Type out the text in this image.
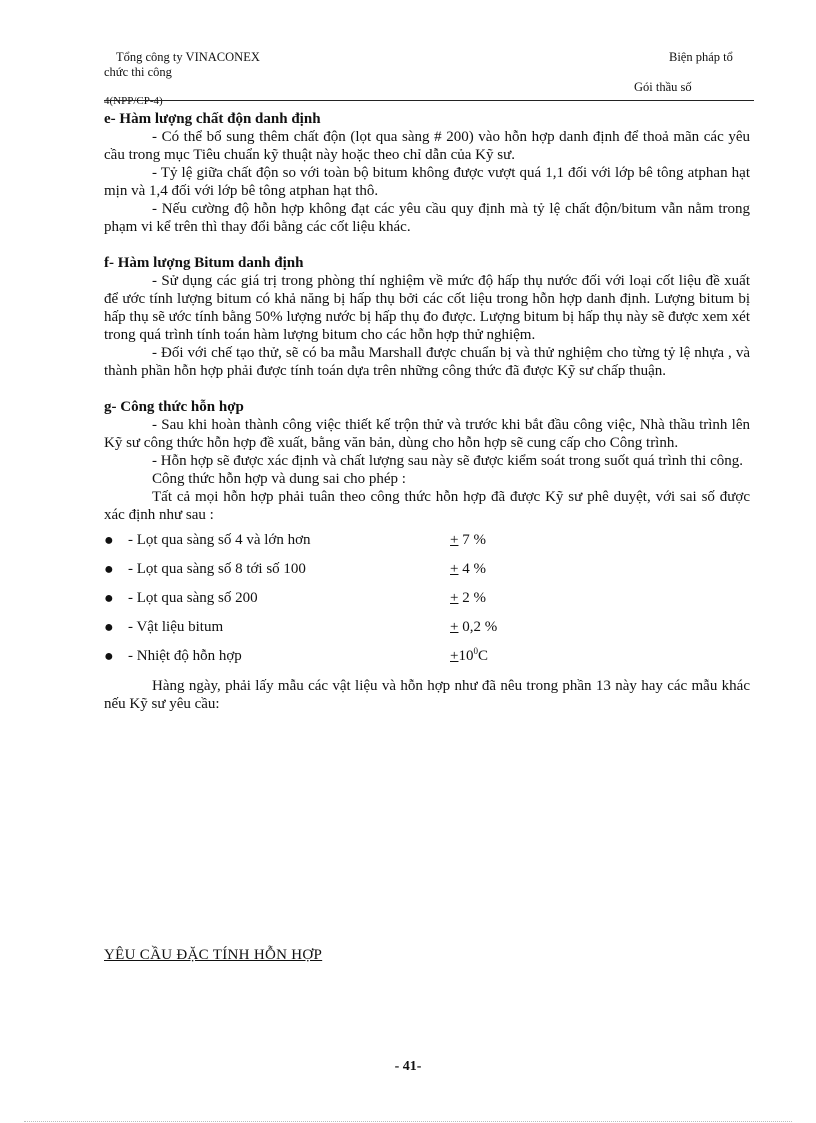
Tổng công ty VINACONEX	Biện pháp tổ
chức thi công
Gói thầu số
4(NPP/CP-4)

e- Hàm lượng chất độn danh định

- Có thể bổ sung thêm chất độn (lọt qua sàng # 200) vào hỗn hợp danh định để thoả mãn các yêu cầu trong mục Tiêu chuẩn kỹ thuật này hoặc theo chỉ dẫn của Kỹ sư.

- Tỷ lệ giữa chất độn so với toàn bộ bitum không được vượt quá 1,1 đối với lớp bê tông atphan hạt mịn và 1,4 đối với lớp bê tông atphan hạt thô.

- Nếu cường độ hỗn hợp không đạt các yêu cầu quy định mà tỷ lệ chất độn/bitum vẫn nằm trong phạm vi kể trên thì thay đổi bằng các cốt liệu khác.

f- Hàm lượng Bitum danh định

- Sử dụng các giá trị trong phòng thí nghiệm về mức độ hấp thụ nước đối với loại cốt liệu đề xuất để ước tính lượng bitum có khả năng bị hấp thụ bởi các cốt liệu trong hỗn hợp danh định. Lượng bitum bị hấp thụ sẽ ước tính bằng 50% lượng nước bị hấp thụ đo được. Lượng bitum bị hấp thụ này sẽ được xem xét trong quá trình tính toán hàm lượng bitum cho các hỗn hợp thử nghiệm.

- Đối với chế tạo thử, sẽ có ba mẫu Marshall được chuẩn bị và thử nghiệm cho từng tỷ lệ nhựa , và thành phần hỗn hợp phải được tính toán dựa trên những công thức đã được Kỹ sư chấp thuận.

g- Công thức hỗn hợp

- Sau khi hoàn thành công việc thiết kế trộn thử và trước khi bắt đầu công việc, Nhà thầu trình lên Kỹ sư công thức hỗn hợp đề xuất, bằng văn bản, dùng cho hỗn hợp sẽ cung cấp cho Công trình.

- Hỗn hợp sẽ được xác định và chất lượng sau này sẽ được kiểm soát trong suốt quá trình thi công.

Công thức hỗn hợp và dung sai cho phép :

Tất cả mọi hỗn hợp phải tuân theo công thức hỗn hợp đã được Kỹ sư phê duyệt, với sai số được xác định như sau :

● - Lọt qua sàng số 4 và lớn hơn	+ 7 %
● - Lọt qua sàng số 8 tới số 100	+ 4 %
● - Lọt qua sàng số 200	+ 2 %
● - Vật liệu bitum	+ 0,2 %
● - Nhiệt độ hỗn hợp	$+10^0C$

Hàng ngày, phải lấy mẫu các vật liệu và hỗn hợp như đã nêu trong phần 13 này hay các mẫu khác nếu Kỹ sư yêu cầu:

YÊU CẦU ĐẶC TÍNH HỖN HỢP
- 41-
